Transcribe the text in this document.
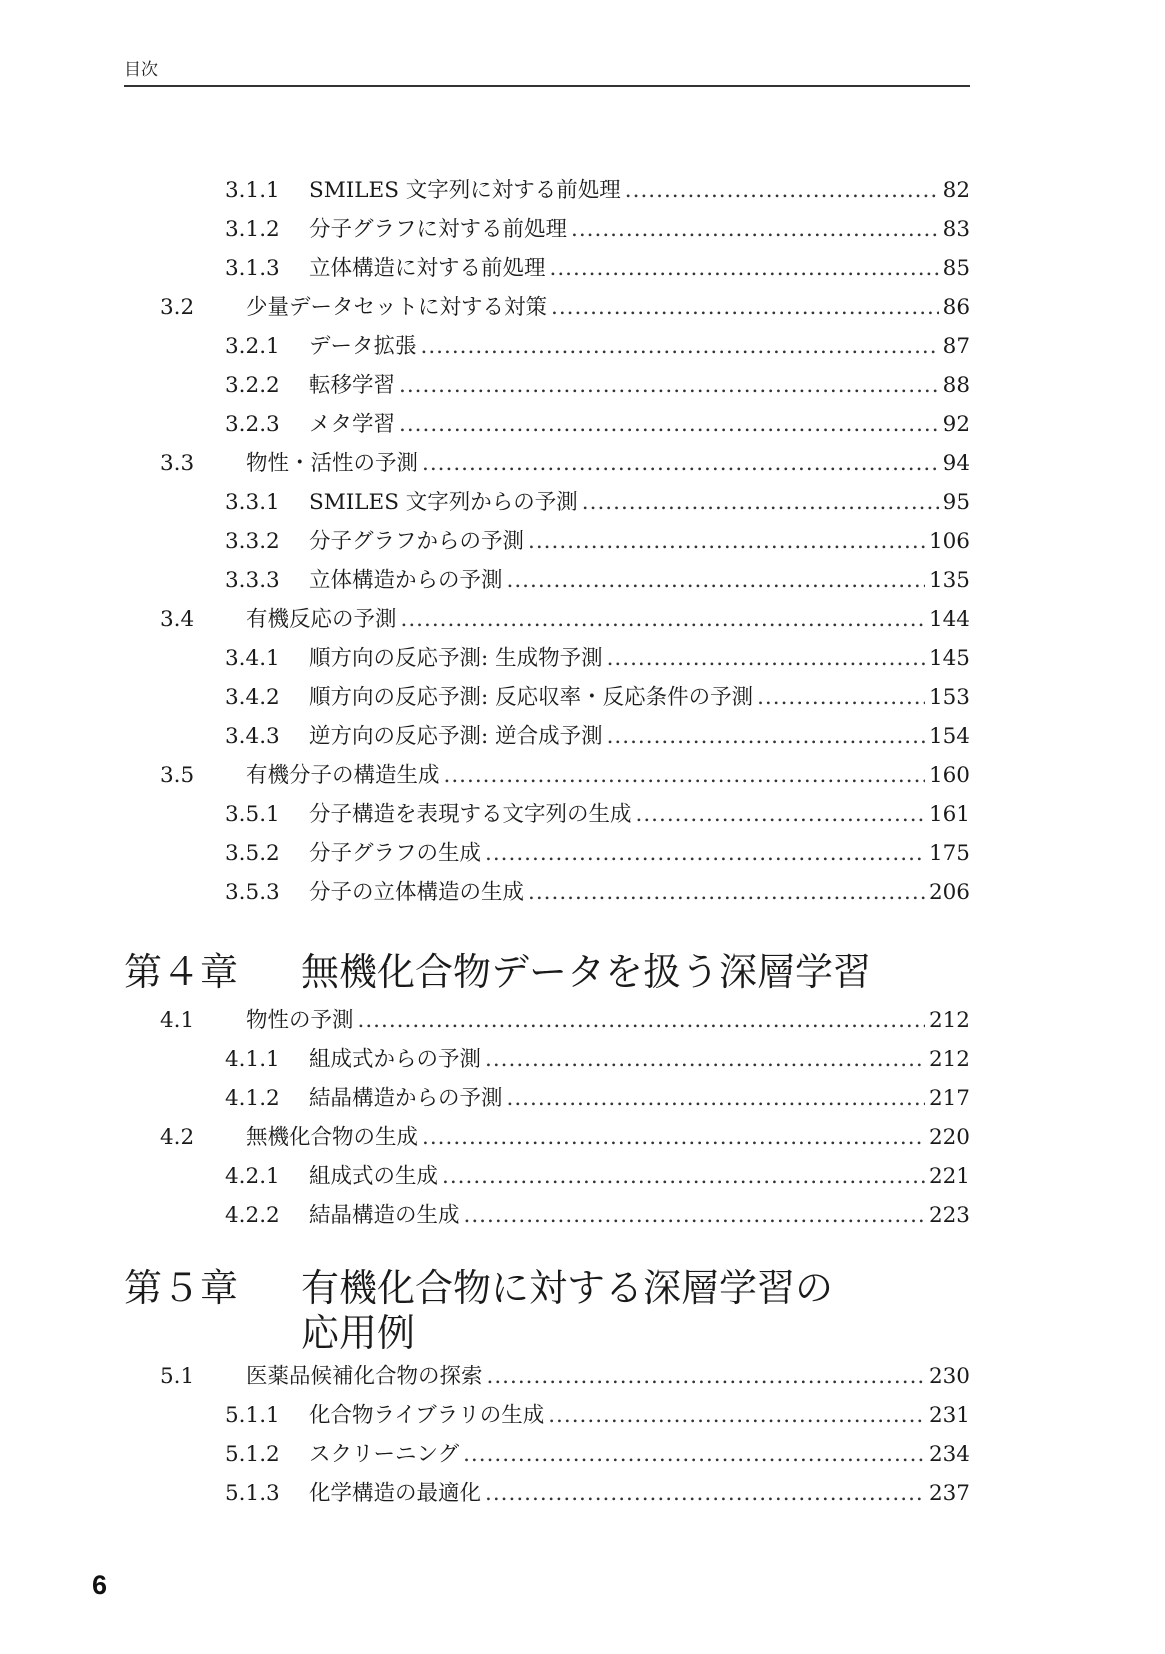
目次
3.1.1	SMILES 文字列に対する前処理 .....	82
3.1.2	分子グラフに対する前処理 .....	83
3.1.3	立体構造に対する前処理 .....	85
3.2	少量データセットに対する対策 .....	86
3.2.1	データ拡張 .....	87
3.2.2	転移学習 .....	88
3.2.3	メタ学習 .....	92
3.3	物性・活性の予測 .....	94
3.3.1	SMILES 文字列からの予測 .....	95
3.3.2	分子グラフからの予測 .....	106
3.3.3	立体構造からの予測 .....	135
3.4	有機反応の予測 .....	144
3.4.1	順方向の反応予測: 生成物予測 .....	145
3.4.2	順方向の反応予測: 反応収率・反応条件の予測 .....	153
3.4.3	逆方向の反応予測: 逆合成予測 .....	154
3.5	有機分子の構造生成 .....	160
3.5.1	分子構造を表現する文字列の生成 .....	161
3.5.2	分子グラフの生成 .....	175
3.5.3	分子の立体構造の生成 .....	206
第４章 無機化合物データを扱う深層学習
4.1	物性の予測 .....	212
4.1.1	組成式からの予測 .....	212
4.1.2	結晶構造からの予測 .....	217
4.2	無機化合物の生成 .....	220
4.2.1	組成式の生成 .....	221
4.2.2	結晶構造の生成 .....	223
第５章 有機化合物に対する深層学習の
応用例
5.1	医薬品候補化合物の探索 .....	230
5.1.1	化合物ライブラリの生成 .....	231
5.1.2	スクリーニング .....	234
5.1.3	化学構造の最適化 .....	237
6
